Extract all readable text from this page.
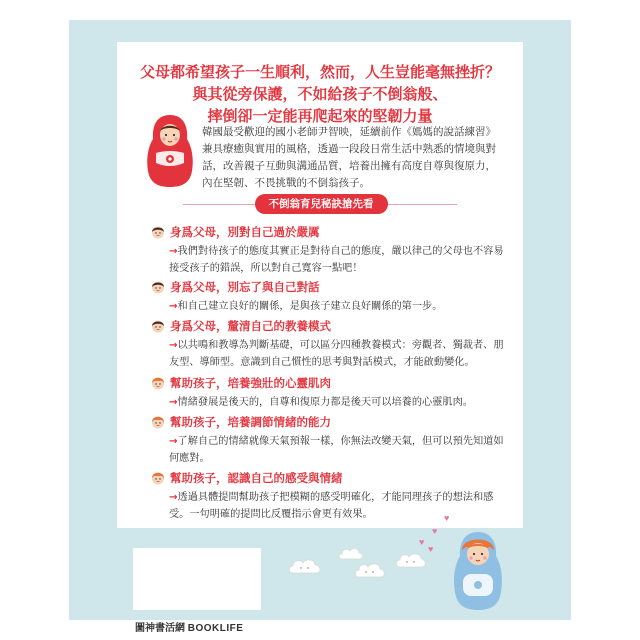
父母都希望孩子一生順利，然而，人生豈能毫無挫折？
與其從旁保護，不如給孩子不倒翁般、
摔倒卻一定能再爬起來的堅韌力量
韓國最受歡迎的國小老師尹智映，延續前作《媽媽的說話練習》兼具療癒與實用的風格，透過一段段日常生活中熟悉的情境與對話，改善親子互動與溝通品質，培養出擁有高度自尊與復原力，內在堅韌、不畏挑戰的不倒翁孩子。
不倒翁育兒秘訣搶先看
身爲父母，別對自己過於嚴厲
→我們對待孩子的態度其實正是對待自己的態度，嚴以律己的父母也不容易接受孩子的錯誤，所以對自己寬容一點吧！
身爲父母，別忘了與自己對話
→和自己建立良好的關係，是與孩子建立良好關係的第一步。
身爲父母，釐清自己的教養模式
→以共鳴和教導為判斷基礎，可以區分四種教養模式：旁觀者、獨裁者、朋友型、導師型。意識到自己慣性的思考與對話模式，才能啟動變化。
幫助孩子，培養強壯的心靈肌肉
→情緒發展是後天的，自尊和復原力都是後天可以培養的心靈肌肉。
幫助孩子，培養調節情緒的能力
→了解自己的情緒就像天氣預報一樣，你無法改變天氣，但可以預先知道如何應對。
幫助孩子，認識自己的感受與情緒
→透過具體提問幫助孩子把模糊的感受明確化，才能同理孩子的想法和感受。一句明確的提問比反覆指示會更有效果。
♥
♥
♥
♥
圖神書活網 BOOKLIFE
